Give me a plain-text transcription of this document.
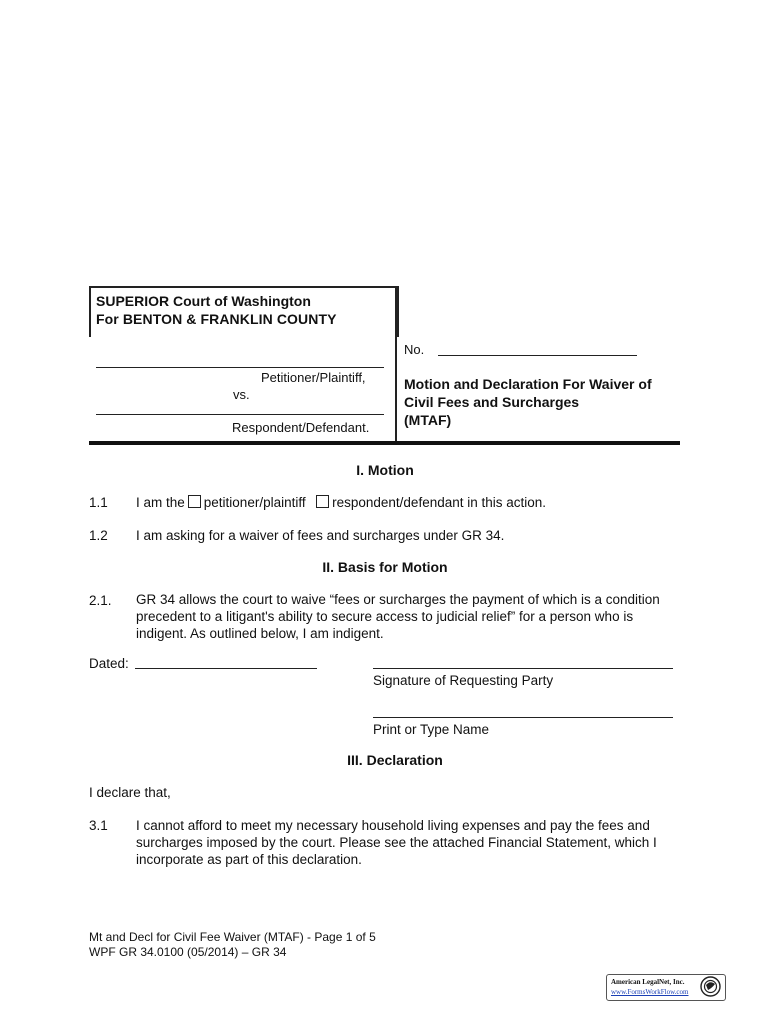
SUPERIOR Court of Washington
For BENTON & FRANKLIN COUNTY
Petitioner/Plaintiff,
vs.
Respondent/Defendant.
No.
Motion and Declaration For Waiver of
Civil Fees and Surcharges
(MTAF)
I. Motion
1.1 I am the petitioner/plaintiff respondent/defendant in this action.
1.2 I am asking for a waiver of fees and surcharges under GR 34.
II. Basis for Motion
2.1. GR 34 allows the court to waive “fees or surcharges the payment of which is a condition
precedent to a litigant's ability to secure access to judicial relief” for a person who is
indigent. As outlined below, I am indigent.
Dated:
Signature of Requesting Party
Print or Type Name
III. Declaration
I declare that,
3.1 I cannot afford to meet my necessary household living expenses and pay the fees and
surcharges imposed by the court. Please see the attached Financial Statement, which I
incorporate as part of this declaration.
Mt and Decl for Civil Fee Waiver (MTAF) - Page 1 of 5
WPF GR 34.0100 (05/2014) – GR 34
American LegalNet, Inc.
www.FormsWorkFlow.com
